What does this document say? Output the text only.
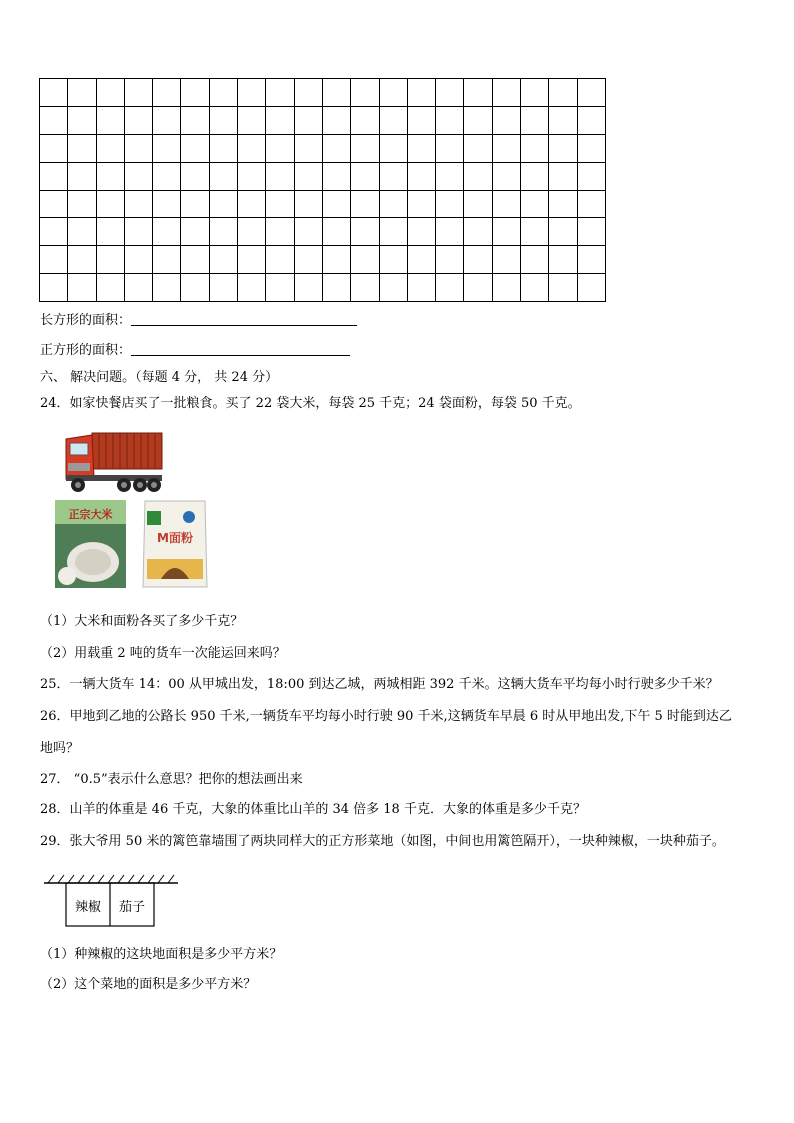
长方形的面积：
正方形的面积：
六、 解决问题。（每题 4 分， 共 24 分）
24．如家快餐店买了一批粮食。买了 22 袋大米，每袋 25 千克；24 袋面粉，每袋 50 千克。
正宗大米
M面粉
（1）大米和面粉各买了多少千克？
（2）用载重 2 吨的货车一次能运回来吗？
25．一辆大货车 14：00 从甲城出发，18:00 到达乙城，两城相距 392 千米。这辆大货车平均每小时行驶多少千米？
26．甲地到乙地的公路长 950 千米,一辆货车平均每小时行驶 90 千米,这辆货车早晨 6 时从甲地出发,下午 5 时能到达乙
地吗？
27． “0.5”表示什么意思？把你的想法画出来
28．山羊的体重是 46 千克，大象的体重比山羊的 34 倍多 18 千克．大象的体重是多少千克？
29．张大爷用 50 米的篱笆靠墙围了两块同样大的正方形菜地（如图，中间也用篱笆隔开），一块种辣椒，一块种茄子。
辣椒	茄子
（1）种辣椒的这块地面积是多少平方米？
（2）这个菜地的面积是多少平方米？
